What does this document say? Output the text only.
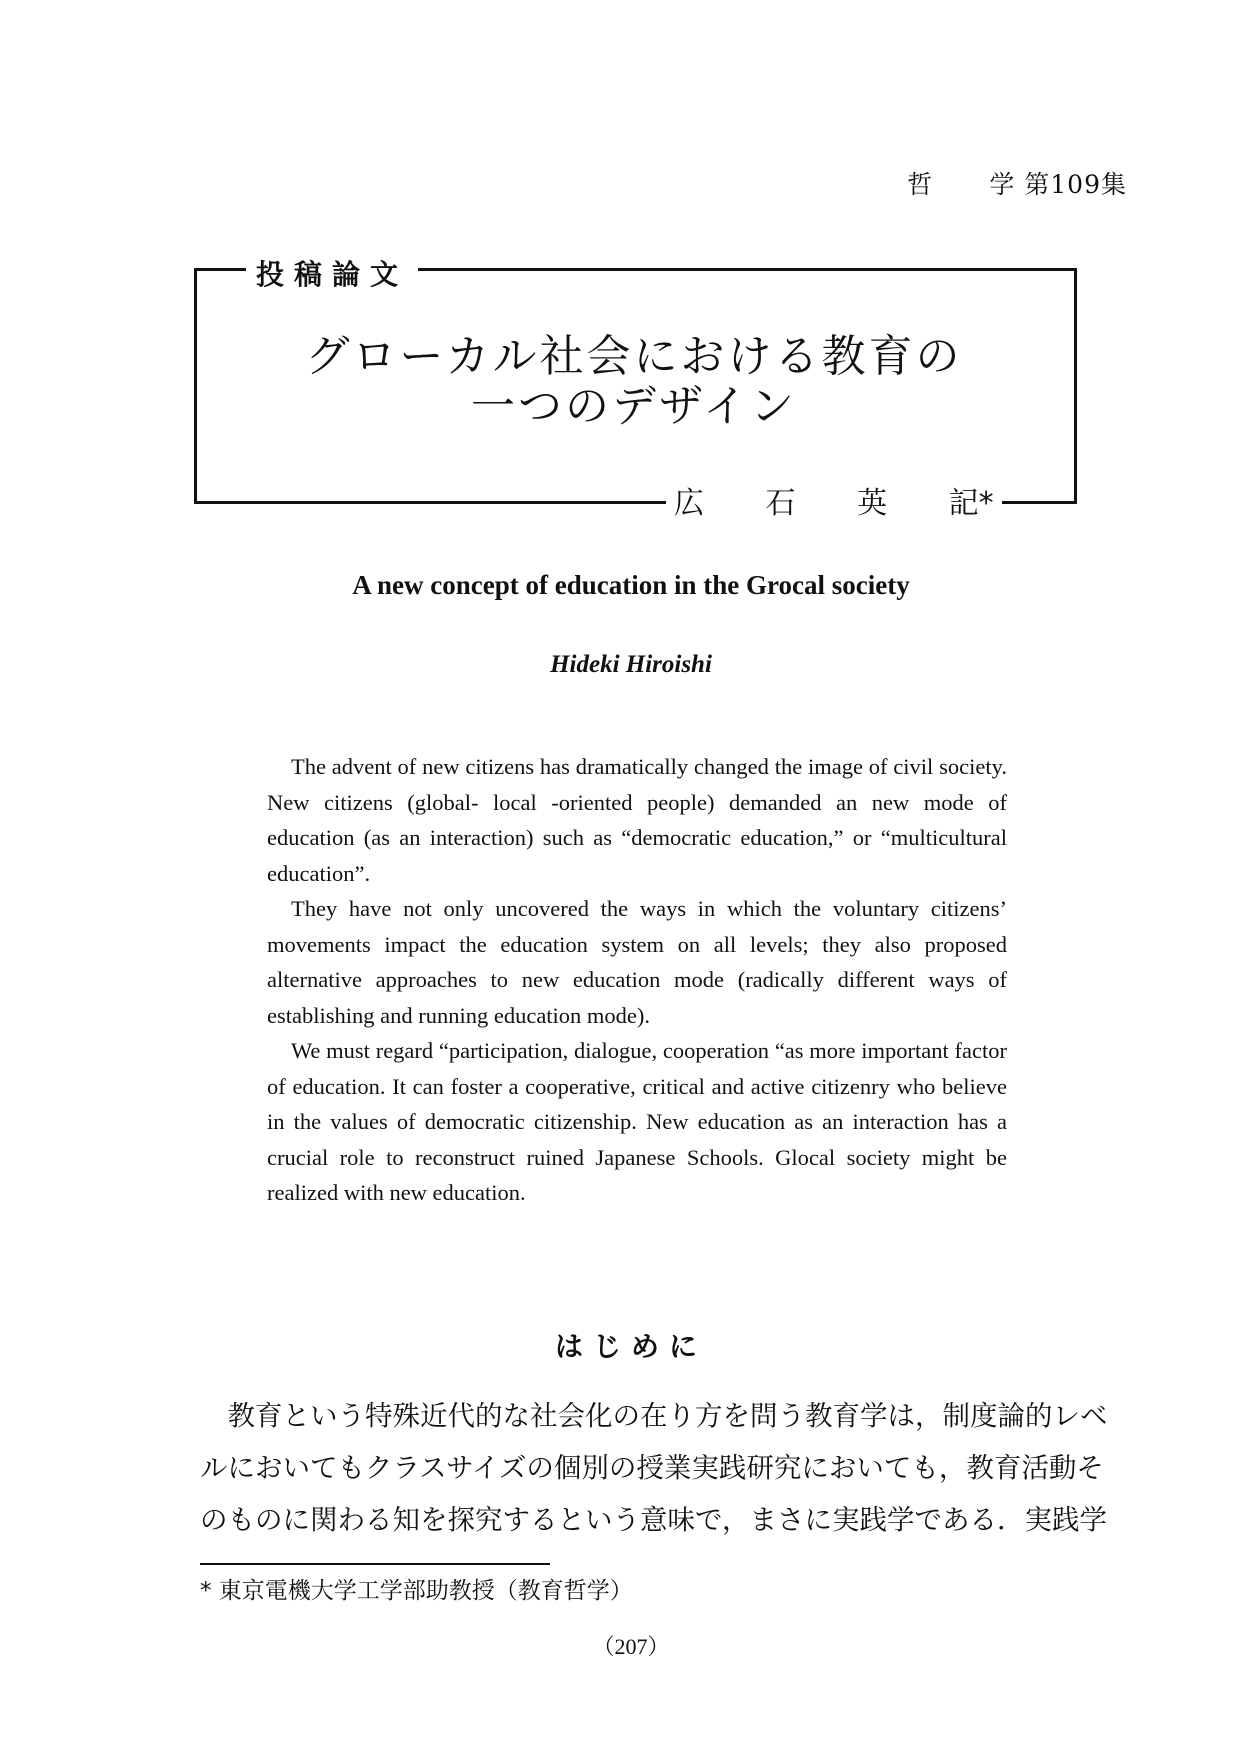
哲 学 第109集
投稿論文
グローカル社会における教育の
一つのデザイン
広 石 英 記*
A new concept of education in the Grocal society
Hideki Hiroishi

The advent of new citizens has dramatically changed the image of civil society. New citizens (global- local -oriented people) demanded an new mode of education (as an interaction) such as “democratic education,” or “multicultural education”.

They have not only uncovered the ways in which the voluntary citizens’ movements impact the education system on all levels; they also proposed alternative approaches to new education mode (radically different ways of establishing and running education mode).

We must regard “participation, dialogue, cooperation “as more important factor of education. It can foster a cooperative, critical and active citizenry who believe in the values of democratic citizenship. New education as an interaction has a crucial role to reconstruct ruined Japanese Schools. Glocal society might be realized with new education.

はじめに
　教育という特殊近代的な社会化の在り方を問う教育学は，制度論的レベ
ルにおいてもクラスサイズの個別の授業実践研究においても，教育活動そ
のものに関わる知を探究するという意味で，まさに実践学である．実践学
* 東京電機大学工学部助教授（教育哲学）
（207）
